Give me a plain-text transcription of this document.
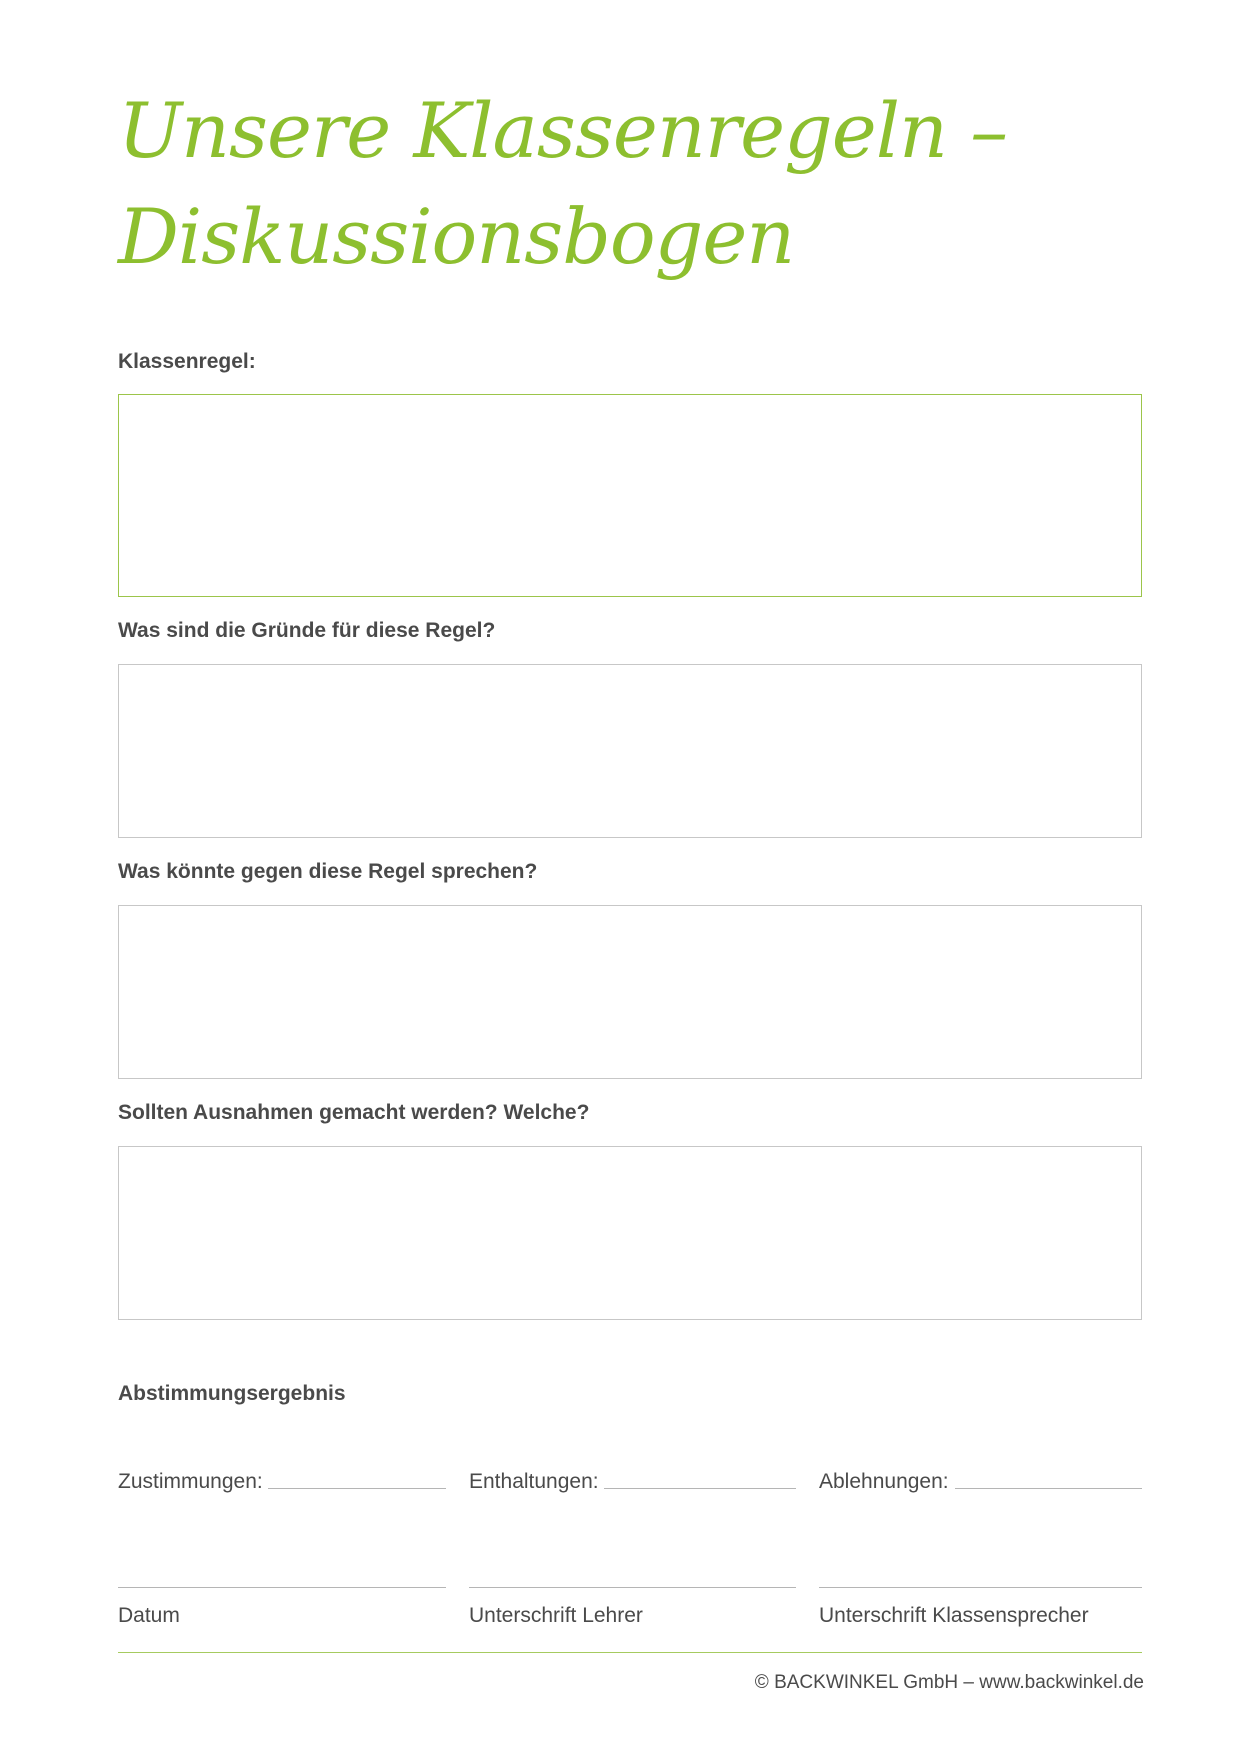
Unsere Klassenregeln –
Diskussionsbogen
Klassenregel:
Was sind die Gründe für diese Regel?
Was könnte gegen diese Regel sprechen?
Sollten Ausnahmen gemacht werden? Welche?
Abstimmungsergebnis
Zustimmungen:	Enthaltungen:	Ablehnungen:
Datum	Unterschrift Lehrer	Unterschrift Klassensprecher
© BACKWINKEL GmbH – www.backwinkel.de
